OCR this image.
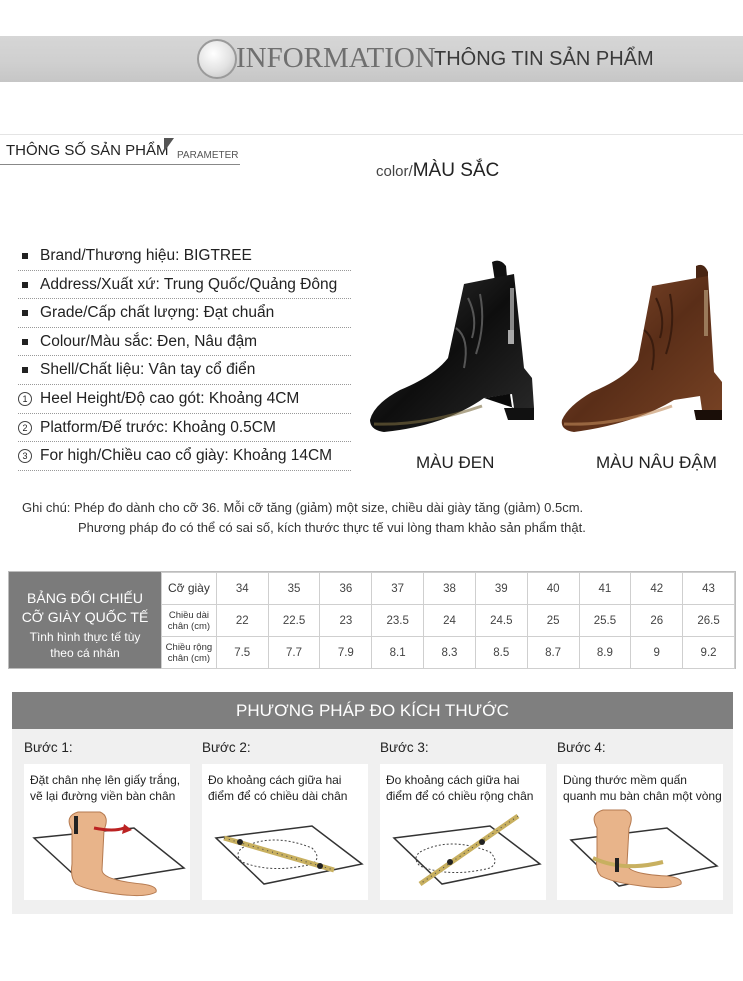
INFORMATION
THÔNG TIN SẢN PHẨM
THÔNG SỐ SẢN PHẨM PARAMETER
color/MÀU SẮC
Brand/Thương hiệu: BIGTREE
Address/Xuất xứ: Trung Quốc/Quảng Đông
Grade/Cấp chất lượng: Đạt chuẩn
Colour/Màu sắc: Đen, Nâu đậm
Shell/Chất liệu: Vân tay cổ điển
1 Heel Height/Độ cao gót: Khoảng 4CM
2 Platform/Đế trước: Khoảng 0.5CM
3 For high/Chiều cao cổ giày: Khoảng 14CM	MÀU ĐEN	MÀU NÂU ĐẬM
Ghi chú: Phép đo dành cho cỡ 36. Mỗi cỡ tăng (giảm) một size, chiều dài giày tăng (giảm) 0.5cm.
Phương pháp đo có thể có sai số, kích thước thực tế vui lòng tham khảo sản phẩm thật.
BẢNG ĐỐI CHIẾU
CỠ GIÀY QUỐC TẾ
Tình hình thực tế tùy
theo cá nhân
Cỡ giày	34	35	36	37	38	39	40	41	42	43
Chiều dài chân (cm)	22	22.5	23	23.5	24	24.5	25	25.5	26	26.5
Chiều rộng chân (cm)	7.5	7.7	7.9	8.1	8.3	8.5	8.7	8.9	9	9.2
PHƯƠNG PHÁP ĐO KÍCH THƯỚC
Bước 1:
Đặt chân nhẹ lên giấy trắng,
vẽ lại đường viền bàn chân
Bước 2:
Đo khoảng cách giữa hai
điểm để có chiều dài chân
Bước 3:
Đo khoảng cách giữa hai
điểm để có chiều rộng chân
Bước 4:
Dùng thước mềm quấn
quanh mu bàn chân một vòng
